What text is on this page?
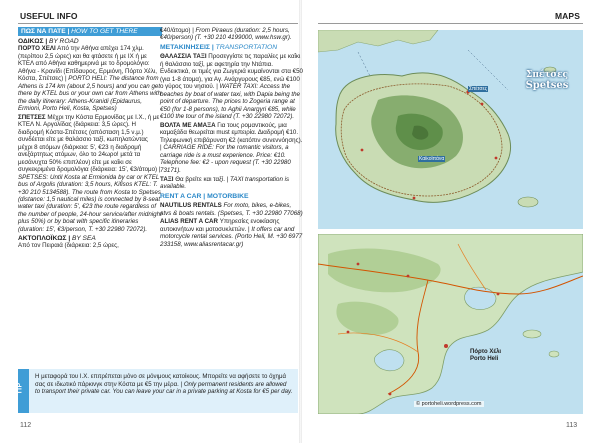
USEFUL INFO	MAPS
ΠΩΣ ΝΑ ΠΑΤΕ | HOW TO GET THERE
ΟΔΙΚΩΣ | BY ROAD

ΠΟΡΤΟ ΧΕΛΙ Από την Αθήνα απέχει 174 χλμ. (περίπου 2,5 ώρες) και θα φτάσετε ή με ΙΧ ή με ΚΤΕΛ από Αθήνα καθημερινά με το δρομολόγιο: Αθήνα - Κρανίδι (Επίδαυρος, Ερμιόνη, Πόρτο Χέλι, Κόστα, Σπέτσες) | PORTO HELI: The distance from Athens is 174 km (about 2,5 hours) and you can get there by KTEL bus or your own car from Athens with the daily itinerary: Athens-Kranidi (Epidaurus, Ermioni, Porto Heli, Kosta, Spetses)

ΣΠΕΤΣΕΣ Μέχρι την Κόστα Ερμιονίδας με Ι.Χ., ή με ΚΤΕΛ Ν. Αργολίδας (διάρκεια: 3,5 ώρες). Η διαδρομή Κόστα-Σπέτσες (απόσταση 1,5 ν.μ.) συνδέεται είτε με θαλάσσιο ταξί, κωπηλατώντας μέχρι 8 ατόμων (διάρκεια: 5', €23 η διαδρομή ανεξάρτητως ατόμων, όλο το 24ωρο! μετά τα μεσάνυχτα 50% επιπλέον) είτε με καΐκι σε συγκεκριμένα δρομολόγια (διάρκεια: 15', €3/άτομο) | SPETSES: Until Kosta at Ermionida by car or KTEL bus of Argolis (duration: 3,5 hours, Kifisos KTEL: T. +30 210 5134588). The route from Kosta to Spetses (distance: 1,5 nautical miles) is connected by 8-seat water taxi (duration: 5', €23 the route regardless of the number of people, 24-hour service/after midnight plus 50%) or by boat with specific itineraries (duration: 15', €3/person, T. +30 22980 72072).

ΑΚΤΟΠΛΟΪΚΩΣ | BY SEA

Από τον Πειραιά (διάρκεια: 2,5 ώρες,

€40/άτομο) | From Piraeus (duration: 2,5 hours, €40/person) (T. +30 210 4199000, www.hsw.gr).

ΜΕΤΑΚΙΝΗΣΕΙΣ | TRANSPORTATION

ΘΑΛΑΣΣΙΑ ΤΑΞΙ Προσεγγίστε τις παραλίες με καΐκι ή θαλάσσιο ταξί, με αφετηρία την Ντάπια. Ενδεικτικά, οι τιμές για Ζωγεριά κυμαίνονται στα €50 (για 1-8 άτομα), για Αγ. Ανάργυρους €85, ενώ €100 ο γύρος του νησιού. | WATER TAXI: Access the beaches by boat of water taxi, with Dapia being the point of departure. The prices to Zogeria range at €50 (for 1-8 persons), to Aghii Anargyri €85, while €100 the tour of the island (T. +30 22980 72072).

ΒΟΛΤΑ ΜΕ ΑΜΑΞΑ Για τους ρομαντικούς, μια καμαξάδα θεωρείται must εμπειρία. Διαδρομή €10. Τηλεφωνική επιβάρυνση €2 (κατόπιν συνεννόησης). | CARRIAGE RIDE: For the romantic visitors, a carriage ride is a must experience. Price: €10. Telephone fee: €2 - upon request (T. +30 22980 73171).

ΤΑΞΙ Θα βρείτε και ταξί. | TAXI transportation is available.

RENT A CAR | MOTORBIKE

NAUTILUS RENTALS For moto, bikes, e-bikes, atvs & boats rentals. (Spetses, T. +30 22980 77068)

ALIAS RENT A CAR Υπηρεσίες ενοικίασης αυτοκινήτων και μοτοσυκλετών. | It offers car and motorcycle rental services. (Porto Heli, M. +30 6977 233158, www.aliasrentacar.gr)

TIP
Η μεταφορά του Ι.Χ. επιτρέπεται μόνο σε μόνιμους κατοίκους. Μπορείτε να αφήσετε το όχημά σας σε ιδιωτικό πάρκινγκ στην Κόστα με €5 την μέρα. | Only permanent residents are allowed to transport their private car. You can leave your car in a private parking at Kosta for €5 per day.
112	113
Σπέτσες
Spetses
Σπέτσες
Καϊκοϊπάνα
Πόρτο Χέλι
Porto Heli
© portoheli.wordpress.com
